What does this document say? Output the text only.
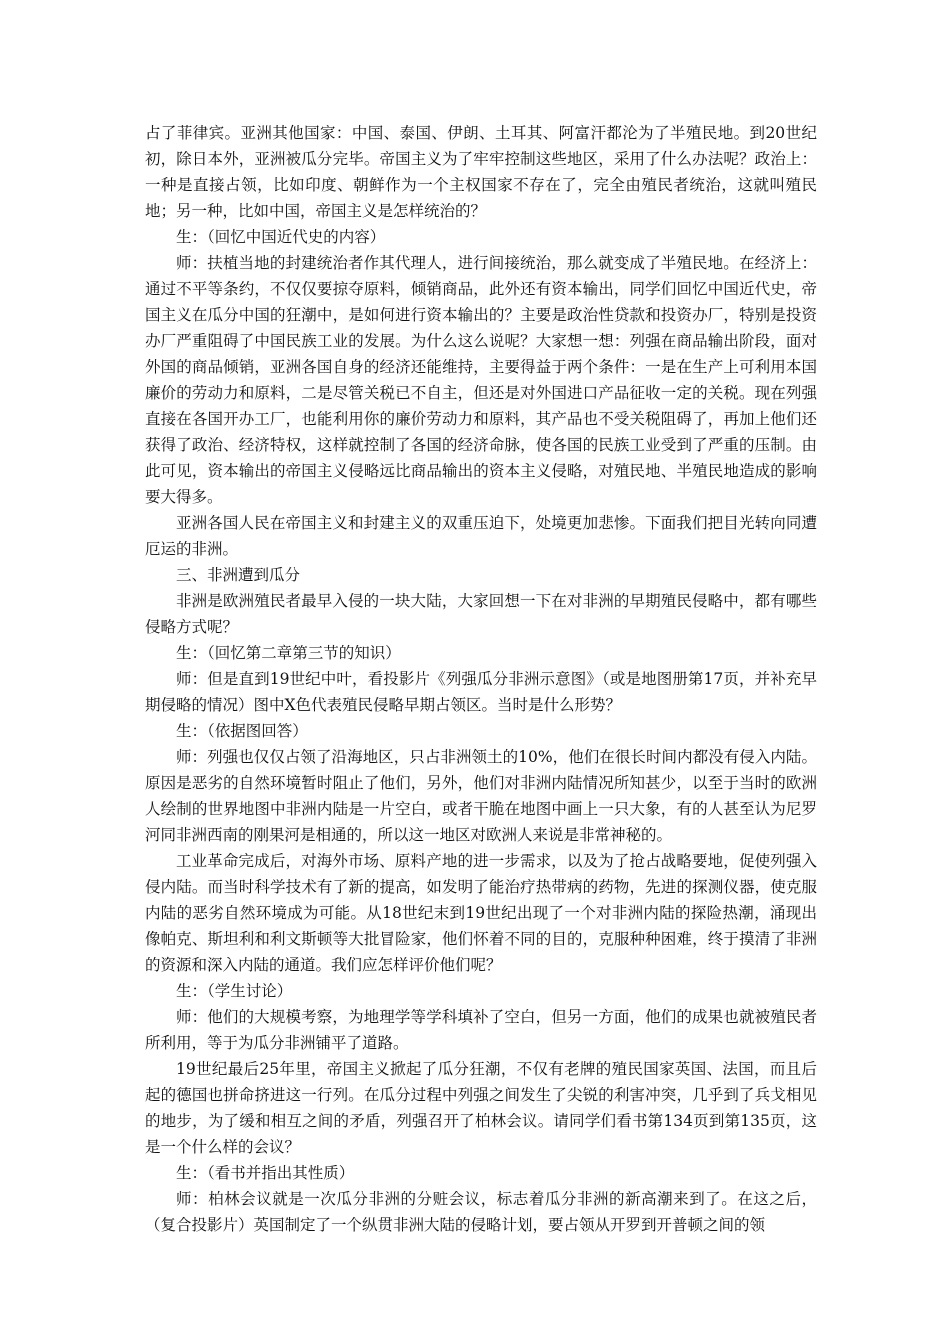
占了菲律宾。亚洲其他国家：中国、泰国、伊朗、土耳其、阿富汗都沦为了半殖民地。到20世纪初，除日本外，亚洲被瓜分完毕。帝国主义为了牢牢控制这些地区，采用了什么办法呢？政治上：一种是直接占领，比如印度、朝鲜作为一个主权国家不存在了，完全由殖民者统治，这就叫殖民地；另一种，比如中国，帝国主义是怎样统治的？

生：（回忆中国近代史的内容）

师：扶植当地的封建统治者作其代理人，进行间接统治，那么就变成了半殖民地。在经济上：通过不平等条约，不仅仅要掠夺原料，倾销商品，此外还有资本输出，同学们回忆中国近代史，帝国主义在瓜分中国的狂潮中，是如何进行资本输出的？主要是政治性贷款和投资办厂，特别是投资办厂严重阻碍了中国民族工业的发展。为什么这么说呢？大家想一想：列强在商品输出阶段，面对外国的商品倾销，亚洲各国自身的经济还能维持，主要得益于两个条件：一是在生产上可利用本国廉价的劳动力和原料，二是尽管关税已不自主，但还是对外国进口产品征收一定的关税。现在列强直接在各国开办工厂，也能利用你的廉价劳动力和原料，其产品也不受关税阻碍了，再加上他们还获得了政治、经济特权，这样就控制了各国的经济命脉，使各国的民族工业受到了严重的压制。由此可见，资本输出的帝国主义侵略远比商品输出的资本主义侵略，对殖民地、半殖民地造成的影响要大得多。

亚洲各国人民在帝国主义和封建主义的双重压迫下，处境更加悲惨。下面我们把目光转向同遭厄运的非洲。

三、非洲遭到瓜分

非洲是欧洲殖民者最早入侵的一块大陆，大家回想一下在对非洲的早期殖民侵略中，都有哪些侵略方式呢？

生：（回忆第二章第三节的知识）

师：但是直到19世纪中叶，看投影片《列强瓜分非洲示意图》（或是地图册第17页，并补充早期侵略的情况）图中X色代表殖民侵略早期占领区。当时是什么形势？

生：（依据图回答）

师：列强也仅仅占领了沿海地区，只占非洲领土的10%，他们在很长时间内都没有侵入内陆。原因是恶劣的自然环境暂时阻止了他们，另外，他们对非洲内陆情况所知甚少，以至于当时的欧洲人绘制的世界地图中非洲内陆是一片空白，或者干脆在地图中画上一只大象，有的人甚至认为尼罗河同非洲西南的刚果河是相通的，所以这一地区对欧洲人来说是非常神秘的。

工业革命完成后，对海外市场、原料产地的进一步需求，以及为了抢占战略要地，促使列强入侵内陆。而当时科学技术有了新的提高，如发明了能治疗热带病的药物，先进的探测仪器，使克服内陆的恶劣自然环境成为可能。从18世纪末到19世纪出现了一个对非洲内陆的探险热潮，涌现出像帕克、斯坦利和利文斯顿等大批冒险家，他们怀着不同的目的，克服种种困难，终于摸清了非洲的资源和深入内陆的通道。我们应怎样评价他们呢？

生：（学生讨论）

师：他们的大规模考察，为地理学等学科填补了空白，但另一方面，他们的成果也就被殖民者所利用，等于为瓜分非洲铺平了道路。

19世纪最后25年里，帝国主义掀起了瓜分狂潮，不仅有老牌的殖民国家英国、法国，而且后起的德国也拼命挤进这一行列。在瓜分过程中列强之间发生了尖锐的利害冲突，几乎到了兵戈相见的地步，为了缓和相互之间的矛盾，列强召开了柏林会议。请同学们看书第134页到第135页，这是一个什么样的会议？

生：（看书并指出其性质）

师：柏林会议就是一次瓜分非洲的分赃会议，标志着瓜分非洲的新高潮来到了。在这之后，（复合投影片）英国制定了一个纵贯非洲大陆的侵略计划，要占领从开罗到开普顿之间的领
